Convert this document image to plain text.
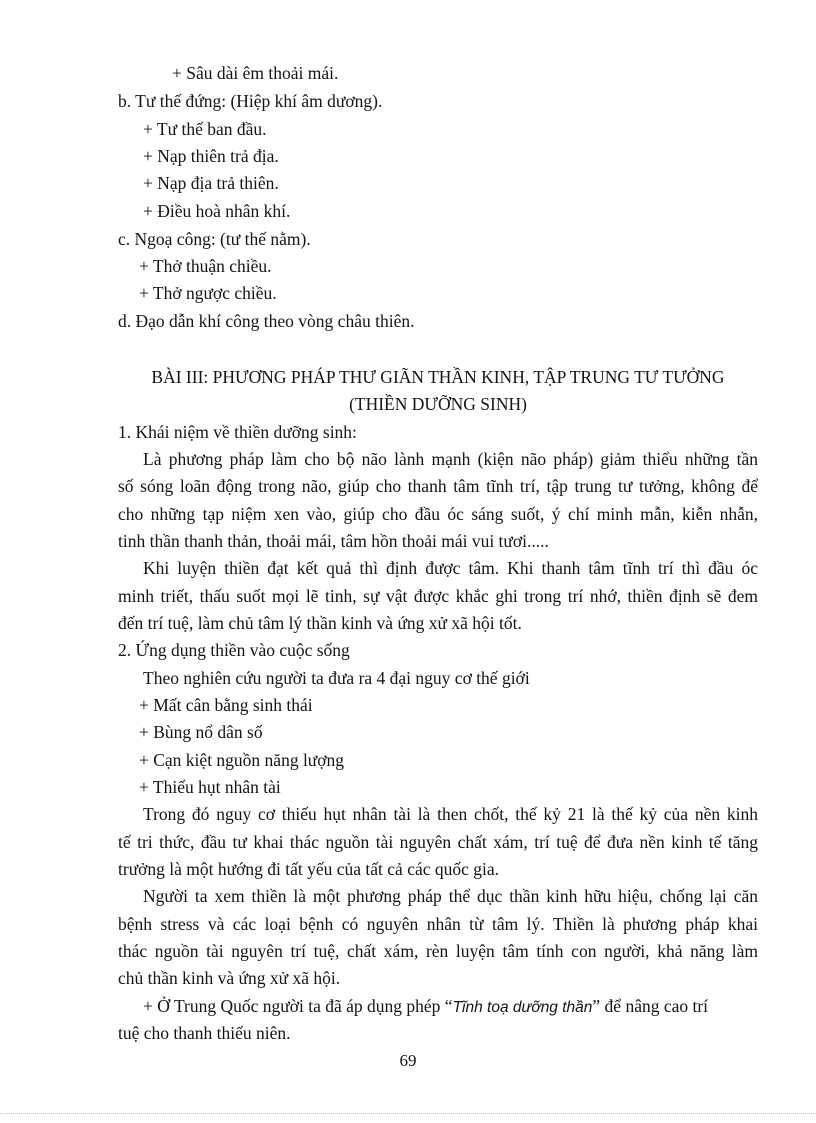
+ Sâu dài êm thoải mái.
b. Tư thế đứng: (Hiệp khí âm dương).
+ Tư thế ban đầu.
+ Nạp thiên trả địa.
+ Nạp địa trả thiên.
+ Điều hoà nhân khí.
c. Ngoạ công: (tư thế nằm).
+ Thở thuận chiều.
+ Thở ngược chiều.
d. Đạo dẫn khí công theo vòng châu thiên.
BÀI III: PHƯƠNG PHÁP THƯ GIÃN THẦN KINH, TẬP TRUNG TƯ TƯỞNG
(THIỀN DƯỠNG SINH)
1. Khái niệm về thiền dưỡng sinh:
Là phương pháp làm cho bộ não lành mạnh (kiện não pháp) giảm thiểu những tần
số sóng loãn động trong não, giúp cho thanh tâm tĩnh trí, tập trung tư tưởng, không để
cho những tạp niệm xen vào, giúp cho đầu óc sáng suốt, ý chí minh mẫn, kiễn nhẫn,
tinh thần thanh thản, thoải mái, tâm hồn thoải mái vui tươi.....
Khi luyện thiền đạt kết quả thì định được tâm. Khi thanh tâm tĩnh trí thì đầu óc
minh triết, thấu suốt mọi lẽ tinh, sự vật được khắc ghi trong trí nhớ, thiền định sẽ đem
đến trí tuệ, làm chủ tâm lý thần kinh và ứng xử xã hội tốt.
2. Ứng dụng thiền vào cuộc sống
Theo nghiên cứu người ta đưa ra 4 đại nguy cơ thế giới
+ Mất cân bằng sinh thái
+ Bùng nổ dân số
+ Cạn kiệt nguồn năng lượng
+ Thiếu hụt nhân tài
Trong đó nguy cơ thiếu hụt nhân tài là then chốt, thế kỷ 21 là thế kỷ của nền kinh
tế tri thức, đầu tư khai thác nguồn tài nguyên chất xám, trí tuệ để đưa nền kinh tế tăng
trưởng là một hướng đi tất yếu của tất cả các quốc gia.
Người ta xem thiền là một phương pháp thể dục thần kinh hữu hiệu, chống lại căn
bệnh stress và các loại bệnh có nguyên nhân từ tâm lý. Thiền là phương pháp khai
thác nguồn tài nguyên trí tuệ, chất xám, rèn luyện tâm tính con người, khả năng làm
chủ thần kinh và ứng xử xã hội.
+ Ở Trung Quốc người ta đã áp dụng phép “Tĩnh toạ dưỡng thần” để nâng cao trí
tuệ cho thanh thiếu niên.
69
